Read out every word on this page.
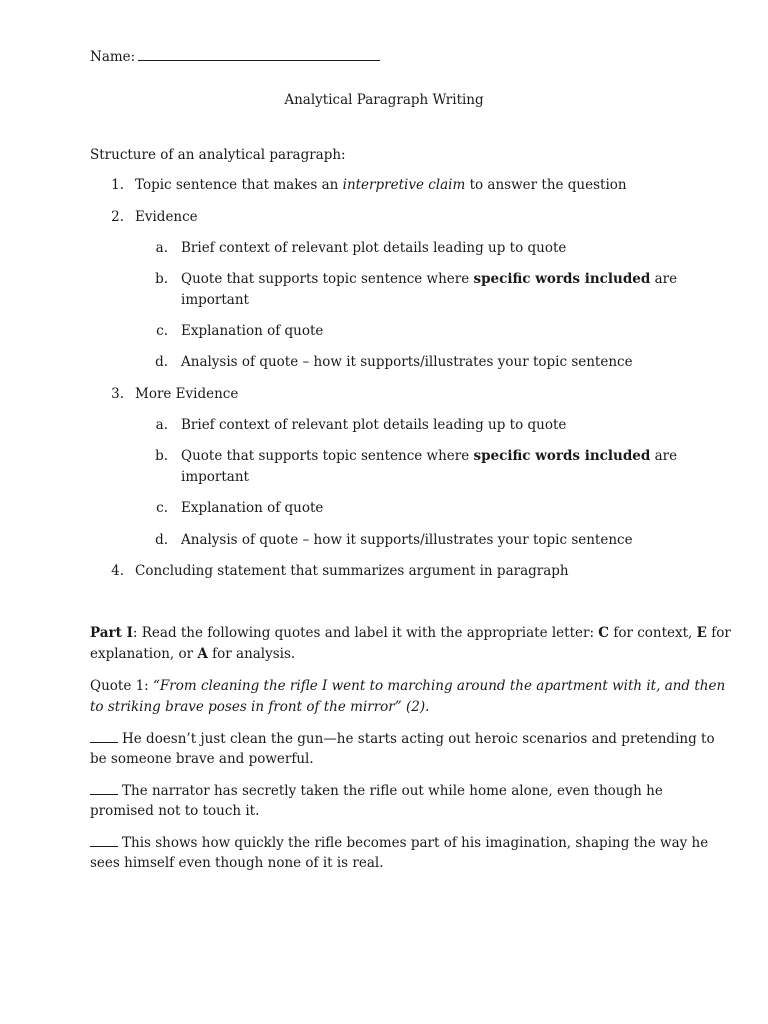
Name:
Analytical Paragraph Writing
Structure of an analytical paragraph:
1. Topic sentence that makes an interpretive claim to answer the question
2. Evidence
a. Brief context of relevant plot details leading up to quote
b. Quote that supports topic sentence where specific words included are
important
c. Explanation of quote
d. Analysis of quote – how it supports/illustrates your topic sentence
3. More Evidence
a. Brief context of relevant plot details leading up to quote
b. Quote that supports topic sentence where specific words included are
important
c. Explanation of quote
d. Analysis of quote – how it supports/illustrates your topic sentence
4. Concluding statement that summarizes argument in paragraph
Part I: Read the following quotes and label it with the appropriate letter: C for context, E for
explanation, or A for analysis.
Quote 1: “From cleaning the rifle I went to marching around the apartment with it, and then
to striking brave poses in front of the mirror” (2).
He doesn’t just clean the gun—he starts acting out heroic scenarios and pretending to
be someone brave and powerful.
The narrator has secretly taken the rifle out while home alone, even though he
promised not to touch it.
This shows how quickly the rifle becomes part of his imagination, shaping the way he
sees himself even though none of it is real.
